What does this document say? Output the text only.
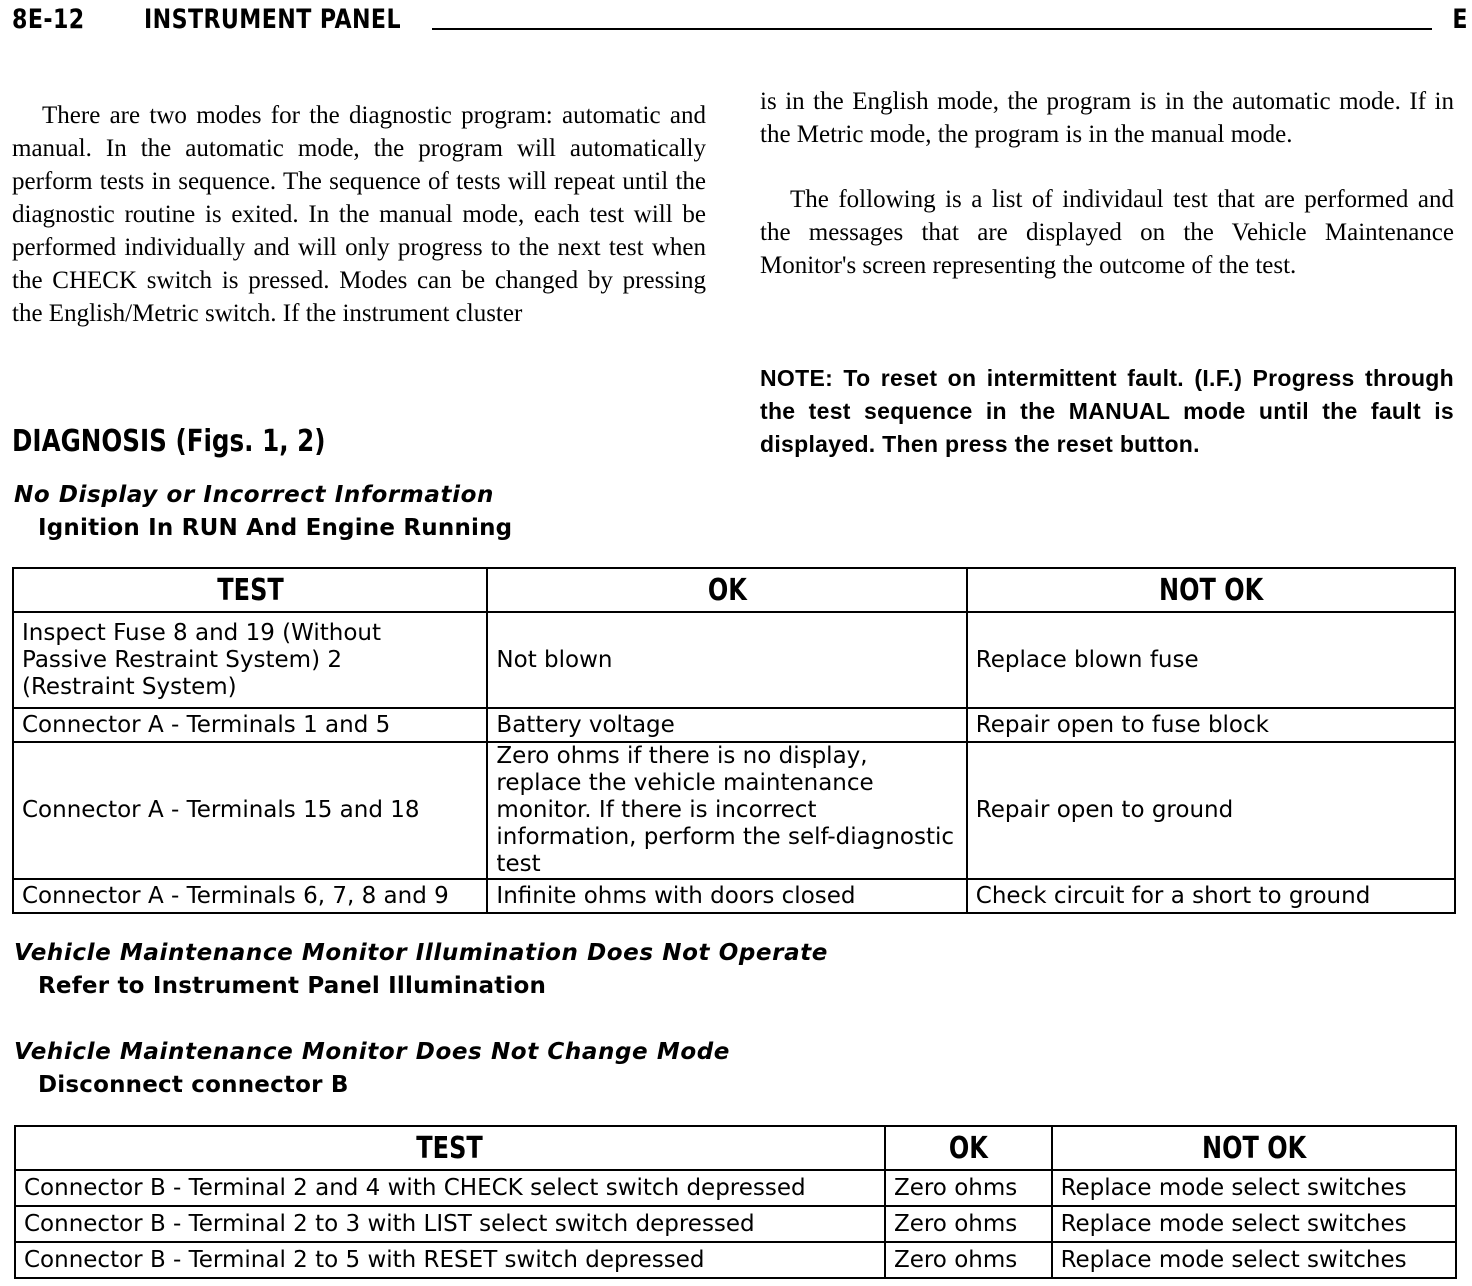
8E-12 INSTRUMENT PANEL	E

There are two modes for the diagnostic program: automatic and manual. In the automatic mode, the program will automatically perform tests in sequence. The sequence of tests will repeat until the diagnostic routine is exited. In the manual mode, each test will be performed individually and will only progress to the next test when the CHECK switch is pressed. Modes can be changed by pressing the English/Metric switch. If the instrument cluster

is in the English mode, the program is in the automatic mode. If in the Metric mode, the program is in the manual mode.

The following is a list of individaul test that are performed and the messages that are displayed on the Vehicle Maintenance Monitor's screen representing the outcome of the test.

NOTE: To reset on intermittent fault. (I.F.) Progress through the test sequence in the MANUAL mode until the fault is displayed. Then press the reset button.

DIAGNOSIS (Figs. 1, 2)

No Display or Incorrect Information

Ignition In RUN And Engine Running

TEST	OK	NOT OK
Inspect Fuse 8 and 19 (Without Passive Restraint System) 2 (Restraint System)	Not blown	Replace blown fuse
Connector A - Terminals 1 and 5	Battery voltage	Repair open to fuse block
Connector A - Terminals 15 and 18	Zero ohms if there is no display, replace the vehicle maintenance monitor. If there is incorrect information, perform the self-diagnostic test	Repair open to ground
Connector A - Terminals 6, 7, 8 and 9	Infinite ohms with doors closed	Check circuit for a short to ground

Vehicle Maintenance Monitor Illumination Does Not Operate

Refer to Instrument Panel Illumination

Vehicle Maintenance Monitor Does Not Change Mode

Disconnect connector B

TEST	OK	NOT OK
Connector B - Terminal 2 and 4 with CHECK select switch depressed	Zero ohms	Replace mode select switches
Connector B - Terminal 2 to 3 with LIST select switch depressed	Zero ohms	Replace mode select switches
Connector B - Terminal 2 to 5 with RESET switch depressed	Zero ohms	Replace mode select switches
